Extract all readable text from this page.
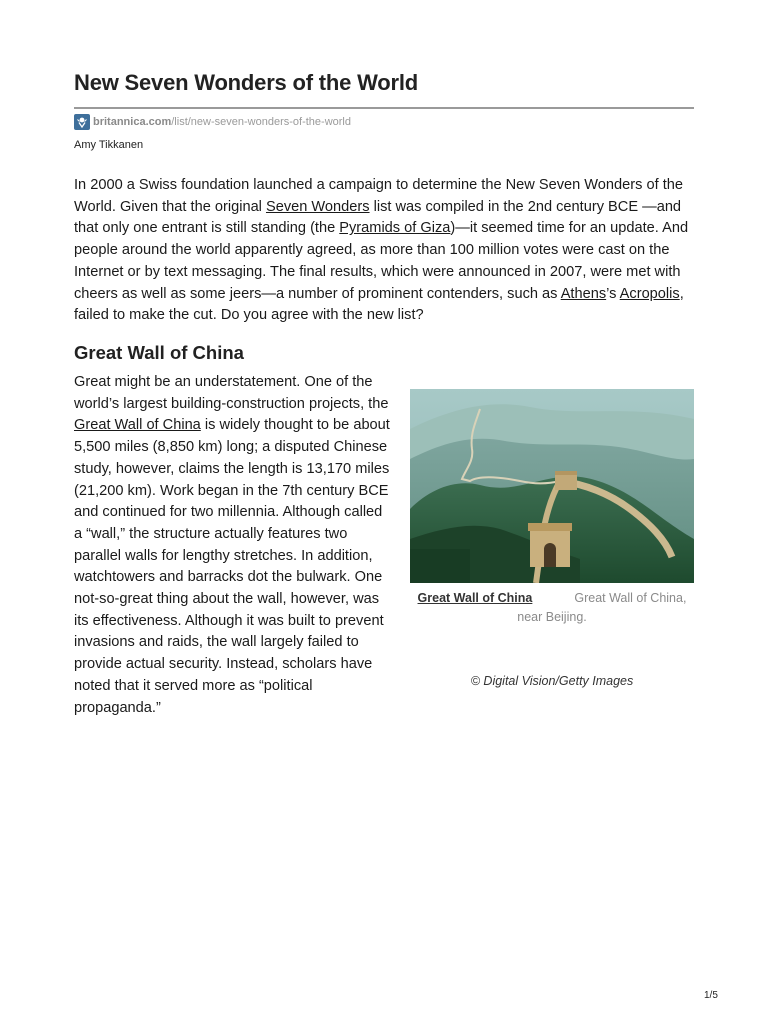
New Seven Wonders of the World
britannica.com /list/new-seven-wonders-of-the-world
Amy Tikkanen

In 2000 a Swiss foundation launched a campaign to determine the New Seven Wonders of the World. Given that the original Seven Wonders list was compiled in the 2nd century BCE —and that only one entrant is still standing (the Pyramids of Giza)—it seemed time for an update. And people around the world apparently agreed, as more than 100 million votes were cast on the Internet or by text messaging. The final results, which were announced in 2007, were met with cheers as well as some jeers—a number of prominent contenders, such as Athens’s Acropolis, failed to make the cut. Do you agree with the new list?

Great Wall of China

Great might be an understatement. One of the world’s largest building-construction projects, the Great Wall of China is widely thought to be about 5,500 miles (8,850 km) long; a disputed Chinese study, however, claims the length is 13,170 miles (21,200 km). Work began in the 7th century BCE and continued for two millennia. Although called a “wall,” the structure actually features two parallel walls for lengthy stretches. In addition, watchtowers and barracks dot the bulwark. One not-so-great thing about the wall, however, was its effectiveness. Although it was built to prevent invasions and raids, the wall largely failed to provide actual security. Instead, scholars have noted that it served more as “political propaganda.”

Great Wall of China	Great Wall of China, near Beijing.
© Digital Vision/Getty Images
1/5
